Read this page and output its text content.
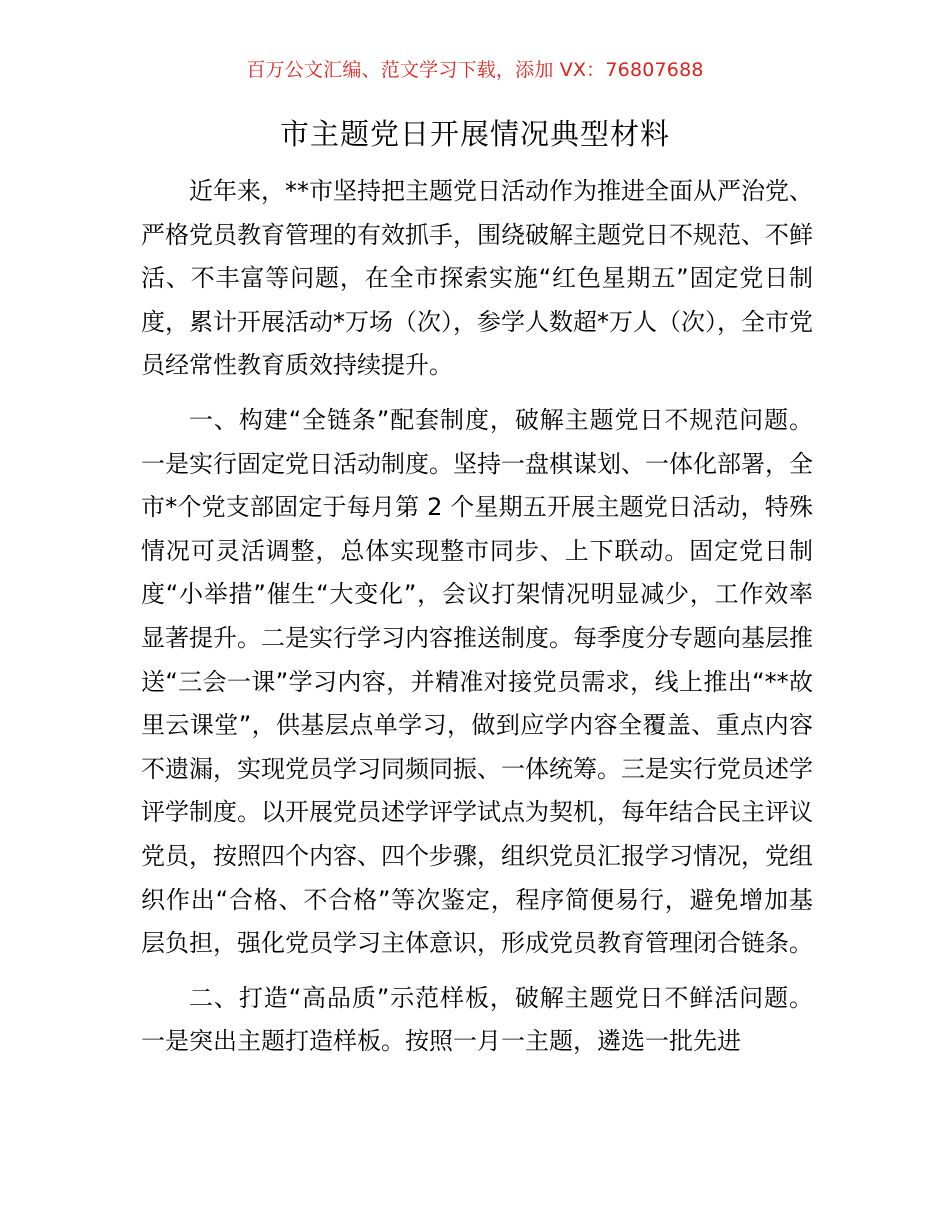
百万公文汇编、范文学习下载，添加 VX：76807688
市主题党日开展情况典型材料

近年来，**市坚持把主题党日活动作为推进全面从严治党、严格党员教育管理的有效抓手，围绕破解主题党日不规范、不鲜活、不丰富等问题，在全市探索实施“红色星期五”固定党日制度，累计开展活动*万场（次），参学人数超*万人（次），全市党员经常性教育质效持续提升。

一、构建“全链条”配套制度，破解主题党日不规范问题。一是实行固定党日活动制度。坚持一盘棋谋划、一体化部署，全市*个党支部固定于每月第 2 个星期五开展主题党日活动，特殊情况可灵活调整，总体实现整市同步、上下联动。固定党日制度“小举措”催生“大变化”，会议打架情况明显减少，工作效率显著提升。二是实行学习内容推送制度。每季度分专题向基层推送“三会一课”学习内容，并精准对接党员需求，线上推出“**故里云课堂”，供基层点单学习，做到应学内容全覆盖、重点内容不遗漏，实现党员学习同频同振、一体统筹。三是实行党员述学评学制度。以开展党员述学评学试点为契机，每年结合民主评议党员，按照四个内容、四个步骤，组织党员汇报学习情况，党组织作出“合格、不合格”等次鉴定，程序简便易行，避免增加基层负担，强化党员学习主体意识，形成党员教育管理闭合链条。

二、打造“高品质”示范样板，破解主题党日不鲜活问题。一是突出主题打造样板。按照一月一主题，遴选一批先进
